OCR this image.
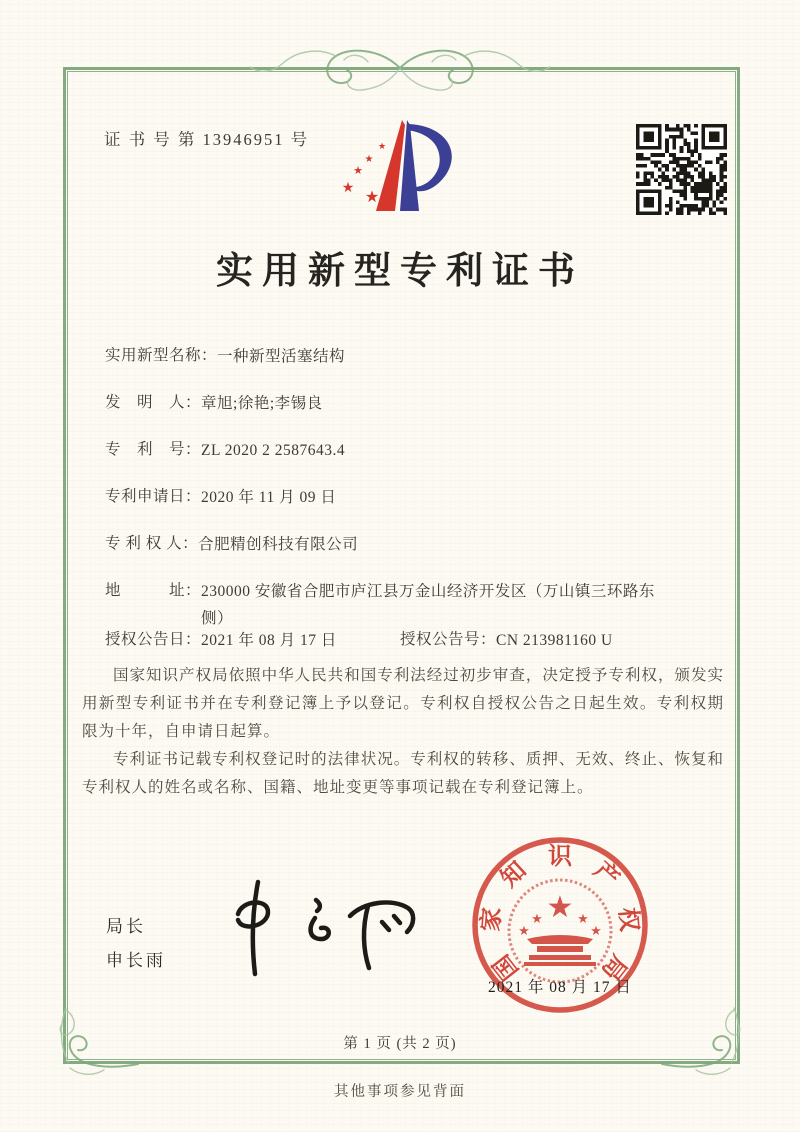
证 书 号 第 13946951 号	★
★
★
★
★
实用新型专利证书
实用新型名称： 一种新型活塞结构
发　明　人： 章旭;徐艳;李锡良
专　利　号： ZL 2020 2 2587643.4
专利申请日： 2020 年 11 月 09 日
专 利 权 人： 合肥精创科技有限公司
地　　　址： 230000 安徽省合肥市庐江县万金山经济开发区（万山镇三环路东侧）
授权公告日： 2021 年 08 月 17 日	授权公告号： CN 213981160 U

国家知识产权局依照中华人民共和国专利法经过初步审查，决定授予专利权，颁发实用新型专利证书并在专利登记簿上予以登记。专利权自授权公告之日起生效。专利权期限为十年，自申请日起算。

专利证书记载专利权登记时的法律状况。专利权的转移、质押、无效、终止、恢复和专利权人的姓名或名称、国籍、地址变更等事项记载在专利登记簿上。

局长
申长雨	国
家
知
识
产
权
局
★
★	★
★	★
2021 年 08 月 17 日
第 1 页 (共 2 页)
其他事项参见背面
